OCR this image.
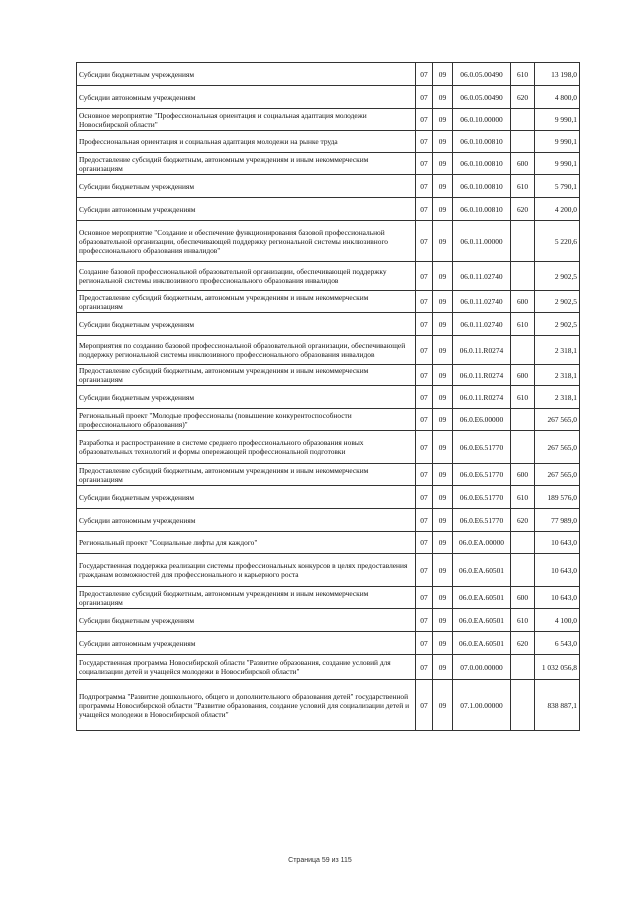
Субсидии бюджетным учреждениям	07	09	06.0.05.00490	610	13 198,0
Субсидии автономным учреждениям	07	09	06.0.05.00490	620	4 800,0
Основное мероприятие "Профессиональная ориентация и социальная адаптация молодежи Новосибирской области"	07	09	06.0.10.00000		9 990,1
Профессиональная ориентация и социальная адаптация молодежи на рынке труда	07	09	06.0.10.00810		9 990,1
Предоставление субсидий бюджетным, автономным учреждениям и иным некоммерческим организациям	07	09	06.0.10.00810	600	9 990,1
Субсидии бюджетным учреждениям	07	09	06.0.10.00810	610	5 790,1
Субсидии автономным учреждениям	07	09	06.0.10.00810	620	4 200,0
Основное мероприятие "Создание и обеспечение функционирования базовой профессиональной образовательной организации, обеспечивающей поддержку региональной системы инклюзивного профессионального образования инвалидов"	07	09	06.0.11.00000		5 220,6
Создание базовой профессиональной образовательной организации, обеспечивающей поддержку региональной системы инклюзивного профессионального образования инвалидов	07	09	06.0.11.02740		2 902,5
Предоставление субсидий бюджетным, автономным учреждениям и иным некоммерческим организациям	07	09	06.0.11.02740	600	2 902,5
Субсидии бюджетным учреждениям	07	09	06.0.11.02740	610	2 902,5
Мероприятия по созданию базовой профессиональной образовательной организации, обеспечивающей поддержку региональной системы инклюзивного профессионального образования инвалидов	07	09	06.0.11.R0274		2 318,1
Предоставление субсидий бюджетным, автономным учреждениям и иным некоммерческим организациям	07	09	06.0.11.R0274	600	2 318,1
Субсидии бюджетным учреждениям	07	09	06.0.11.R0274	610	2 318,1
Региональный проект "Молодые профессионалы (повышение конкурентоспособности профессионального образования)"	07	09	06.0.E6.00000		267 565,0
Разработка и распространение в системе среднего профессионального образования новых образовательных технологий и формы опережающей профессиональной подготовки	07	09	06.0.E6.51770		267 565,0
Предоставление субсидий бюджетным, автономным учреждениям и иным некоммерческим организациям	07	09	06.0.E6.51770	600	267 565,0
Субсидии бюджетным учреждениям	07	09	06.0.E6.51770	610	189 576,0
Субсидии автономным учреждениям	07	09	06.0.E6.51770	620	77 989,0
Региональный проект "Социальные лифты для каждого"	07	09	06.0.EA.00000		10 643,0
Государственная поддержка реализации системы профессиональных конкурсов в целях предоставления гражданам возможностей для профессионального и карьерного роста	07	09	06.0.EA.60501		10 643,0
Предоставление субсидий бюджетным, автономным учреждениям и иным некоммерческим организациям	07	09	06.0.EA.60501	600	10 643,0
Субсидии бюджетным учреждениям	07	09	06.0.EA.60501	610	4 100,0
Субсидии автономным учреждениям	07	09	06.0.EA.60501	620	6 543,0
Государственная программа Новосибирской области "Развитие образования, создание условий для социализации детей и учащейся молодежи в Новосибирской области"	07	09	07.0.00.00000		1 032 056,8
Подпрограмма "Развитие дошкольного, общего и дополнительного образования детей" государственной программы Новосибирской области "Развитие образования, создание условий для социализации детей и учащейся молодежи в Новосибирской области"	07	09	07.1.00.00000		838 887,1
Страница 59 из 115
